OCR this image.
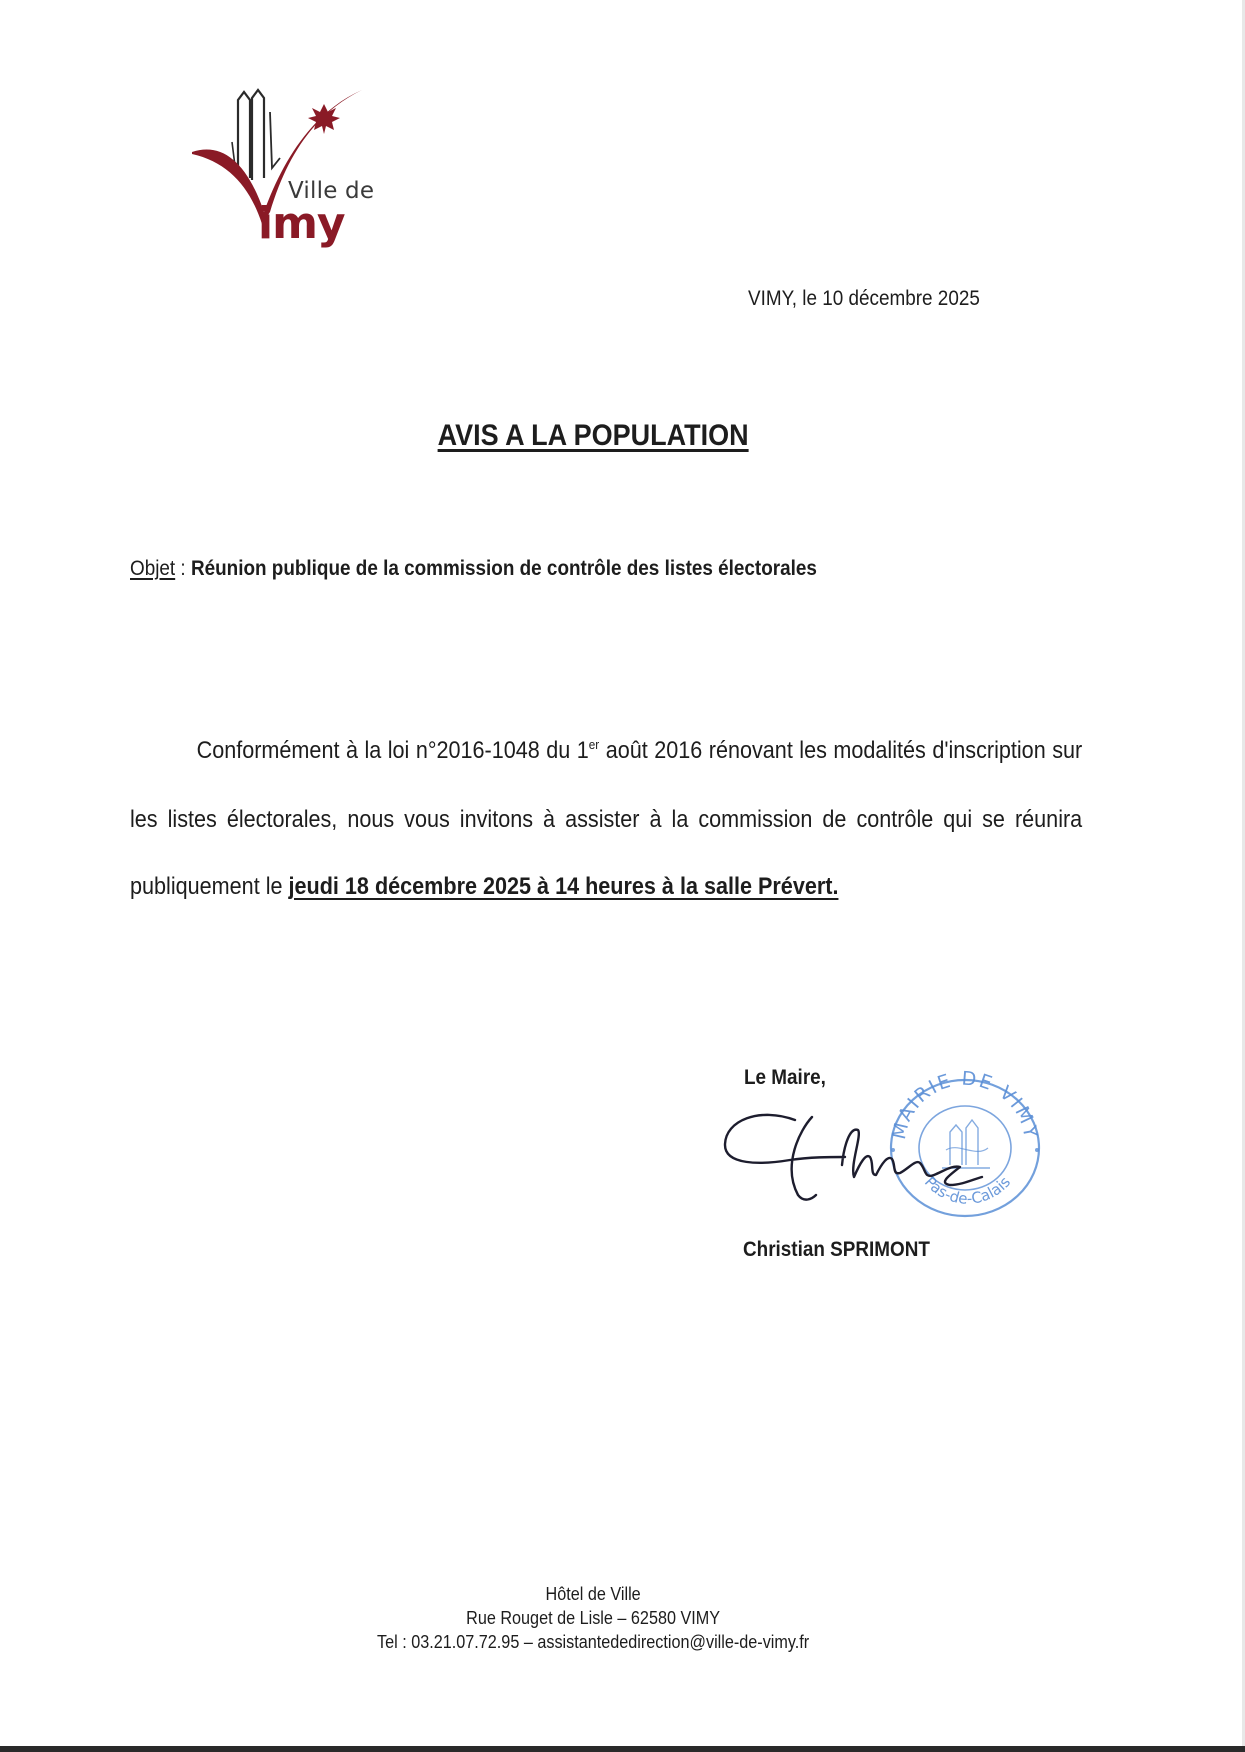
Ville de
imy
VIMY, le 10 décembre 2025
AVIS A LA POPULATION
Objet : Réunion publique de la commission de contrôle des listes électorales
Conformément à la loi n°2016-1048 du 1er août 2016 rénovant les modalités d'inscription sur
les listes électorales, nous vous invitons à assister à la commission de contrôle qui se réunira
publiquement le jeudi 18 décembre 2025 à 14 heures à la salle Prévert.
Le Maire,
MAIRIE DE VIMY
Pas-de-Calais
Christian SPRIMONT
Hôtel de Ville
Rue Rouget de Lisle – 62580 VIMY
Tel : 03.21.07.72.95 – assistantededirection@ville-de-vimy.fr
